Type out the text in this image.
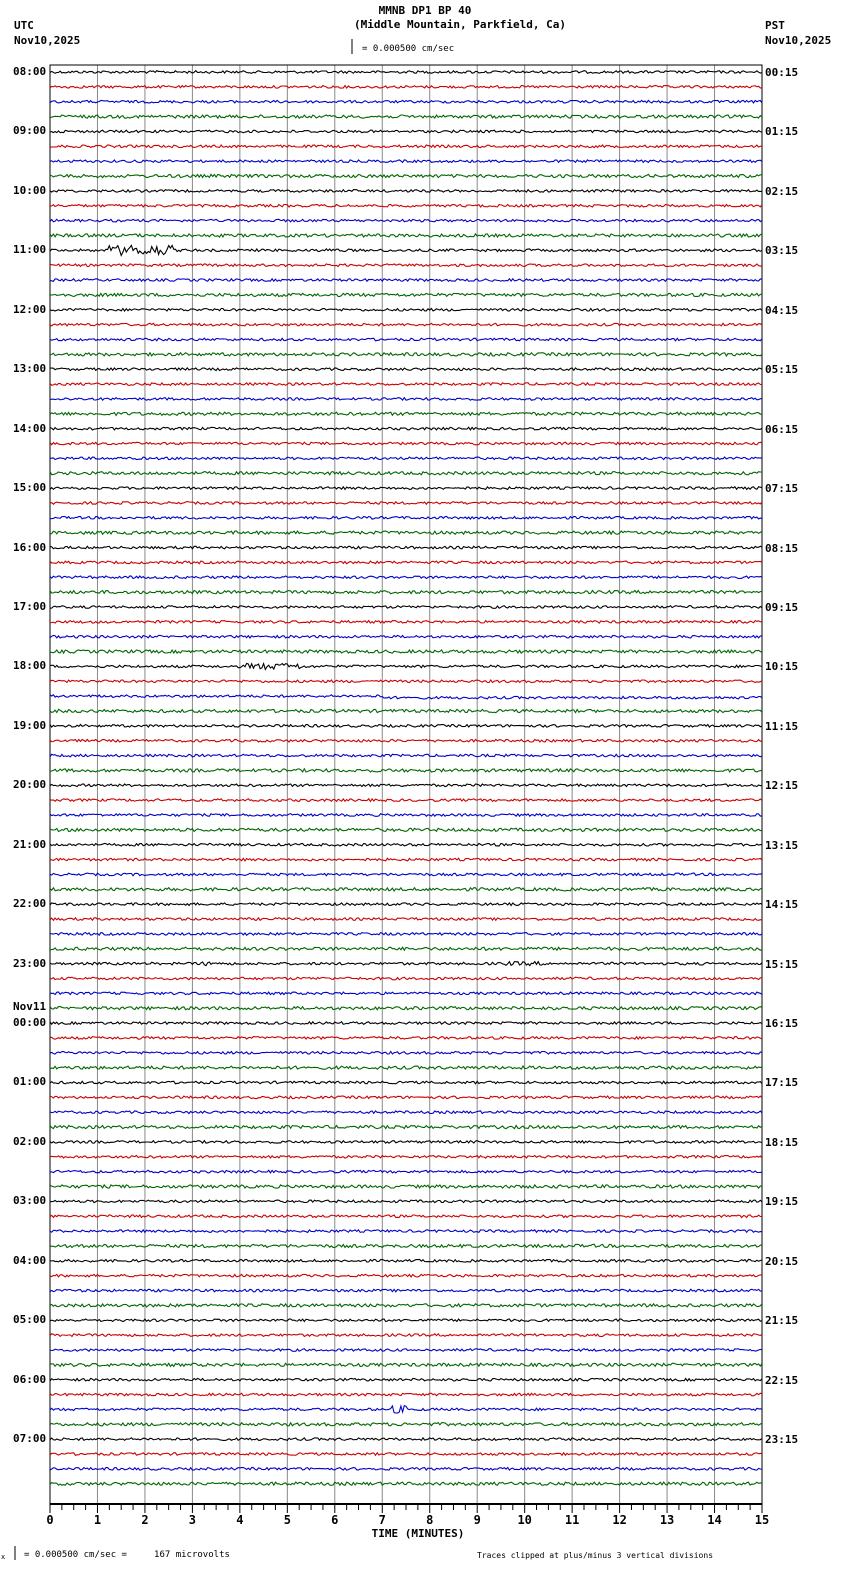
MMNB DP1 BP 40
(Middle Mountain, Parkfield, Ca)
UTC
Nov10,2025
PST
Nov10,2025
= 0.000500 cm/sec
0	1	2	3	4	5	6	7	8	9	10	11	12	13	14	15
TIME (MINUTES)
x = 0.000500 cm/sec =     167 microvolts	Traces clipped at plus/minus 3 vertical divisions
08:00
09:00
10:00
11:00
12:00
13:00
14:00
15:00
16:00
17:00
18:00
19:00
20:00
21:00
22:00
23:00
00:00
01:00
02:00
03:00
04:00
05:00
06:00
07:00
00:15
01:15
02:15
03:15
04:15
05:15
06:15
07:15
08:15
09:15
10:15
11:15
12:15
13:15
14:15
15:15
16:15
17:15
18:15
19:15
20:15
21:15
22:15
23:15
Nov11
